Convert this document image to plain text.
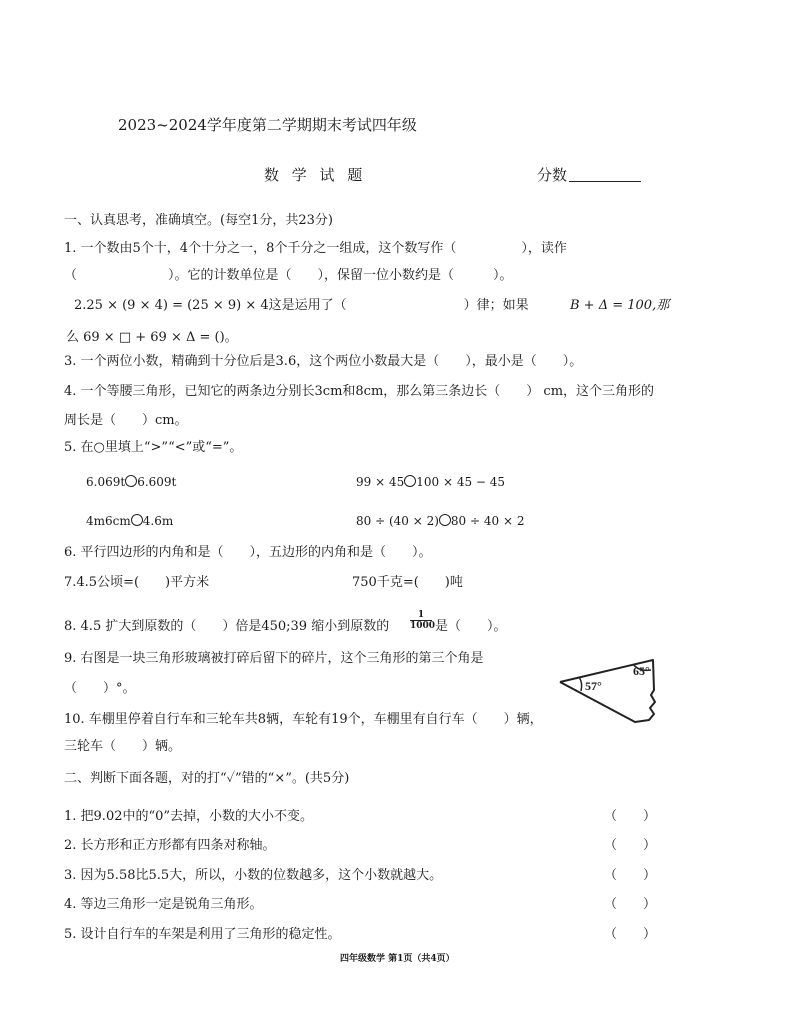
2023~2024学年度第二学期期末考试四年级
数 学 试 题	分数
一、认真思考，准确填空。(每空1分，共23分)
1. 一个数由5个十，4个十分之一，8个千分之一组成，这个数写作（　　　　　），读作
（　　　　　　　）。它的计数单位是（　　），保留一位小数约是（　　　）。
2.25 × (9 × 4) = (25 × 9) × 4这是运用了（　　　　　　　　　）律；如果	B + Δ = 100,那
么 69 × □ + 69 × Δ = ()。
3. 一个两位小数，精确到十分位后是3.6，这个两位小数最大是（　　），最小是（　　）。
4. 一个等腰三角形，已知它的两条边分别长3cm和8cm，那么第三条边长（　　） cm，这个三角形的
周长是（　　）cm。
5. 在○里填上“>”“<”或“=”。
6.069t 6.609t	99 × 45 100 × 45 − 45
4m6cm 4.6m	80 ÷ (40 × 2) 80 ÷ 40 × 2
6. 平行四边形的内角和是（　　），五边形的内角和是（　　）。
7.4.5公顷=(　　)平方米	750千克=(　　)吨
8. 4.5 扩大到原数的（　　）倍是450;39 缩小到原数的 $\frac{1}{1000}$ 是（　　）。
9. 右图是一块三角形玻璃被打碎后留下的碎片，这个三角形的第三个角是
（　　）°。	57°
65°
10. 车棚里停着自行车和三轮车共8辆，车轮有19个，车棚里有自行车（　　）辆，
三轮车（　　）辆。
二、判断下面各题，对的打“✓”错的“×”。(共5分)
1. 把9.02中的“0”去掉，小数的大小不变。	（　　）
2. 长方形和正方形都有四条对称轴。	（　　）
3. 因为5.58比5.5大，所以，小数的位数越多，这个小数就越大。	（　　）
4. 等边三角形一定是锐角三角形。	（　　）
5. 设计自行车的车架是利用了三角形的稳定性。	（　　）
四年级数学 第1页（共4页）
